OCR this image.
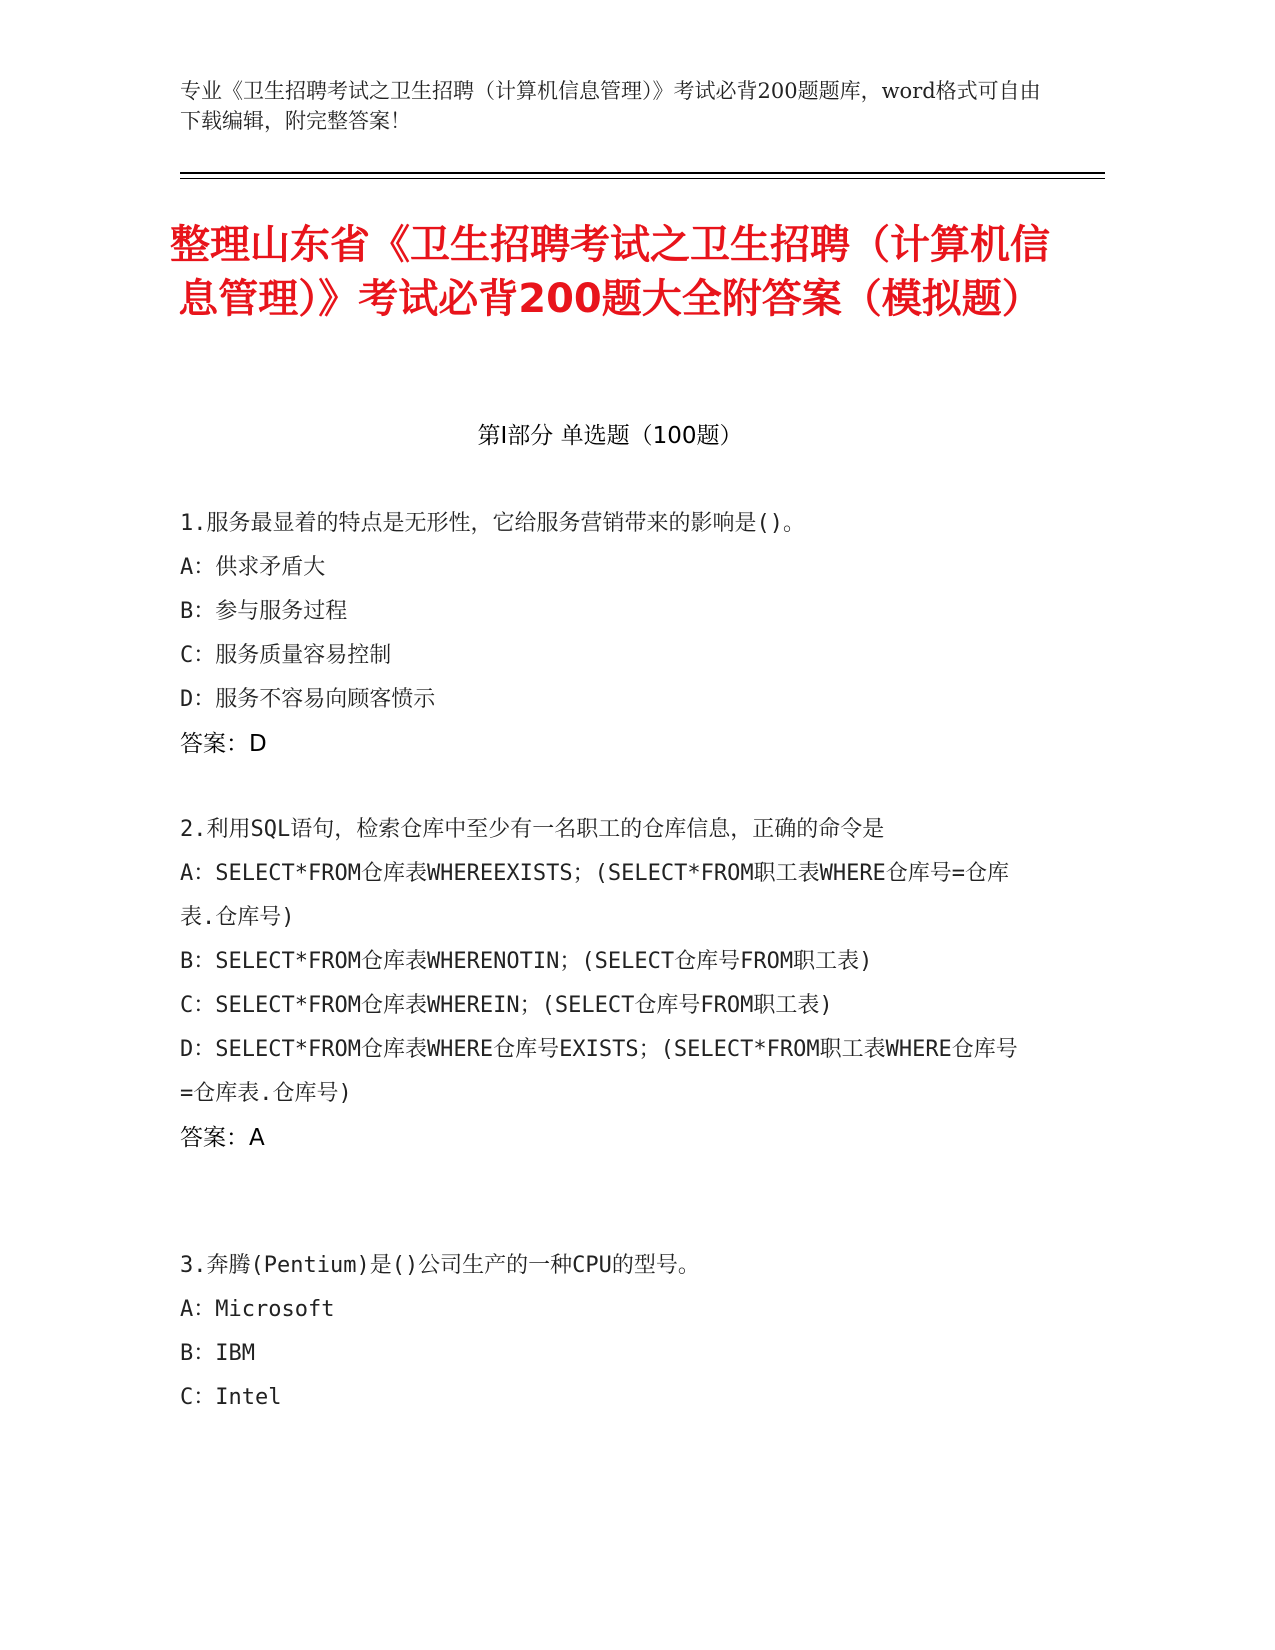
专业《卫生招聘考试之卫生招聘（计算机信息管理）》考试必背200题题库，word格式可自由下载编辑，附完整答案！
整理山东省《卫生招聘考试之卫生招聘（计算机信息管理）》考试必背200题大全附答案（模拟题）
第Ⅰ部分 单选题（100题）
1.服务最显着的特点是无形性，它给服务营销带来的影响是()。
A：供求矛盾大
B：参与服务过程
C：服务质量容易控制
D：服务不容易向顾客愤示
答案：D
2.利用SQL语句，检索仓库中至少有一名职工的仓库信息，正确的命令是
A：SELECT*FROM仓库表WHEREEXISTS；(SELECT*FROM职工表WHERE仓库号=仓库表.仓库号)
B：SELECT*FROM仓库表WHERENOTIN；(SELECT仓库号FROM职工表)
C：SELECT*FROM仓库表WHEREIN；(SELECT仓库号FROM职工表)
D：SELECT*FROM仓库表WHERE仓库号EXISTS；(SELECT*FROM职工表WHERE仓库号=仓库表.仓库号)
答案：A
3.奔腾(Pentium)是()公司生产的一种CPU的型号。
A：Microsoft
B：IBM
C：Intel
